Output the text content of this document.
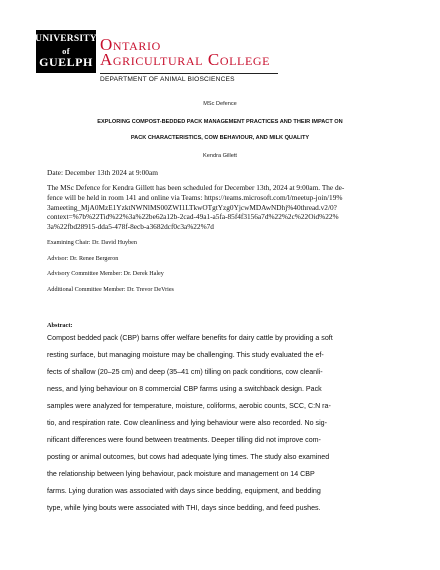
UNIVERSITY
of
GUELPH
Ontario
Agricultural College
DEPARTMENT OF ANIMAL BIOSCIENCES
MSc Defence
EXPLORING COMPOST-BEDDED PACK MANAGEMENT PRACTICES AND THEIR IMPACT ON
PACK CHARACTERISTICS, COW BEHAVIOUR, AND MILK QUALITY
Kendra Gillett
Date: December 13th 2024 at 9:00am
The MSc Defence for Kendra Gillett has been scheduled for December 13th, 2024 at 9:00am. The de-
fence will be held in room 141 and online via Teams: https://teams.microsoft.com/l/meetup-join/19%
3ameeting_MjA0MzE1YzktNWNlMS00ZWI1LTkwOTgtYzg0YjcwMDAwNDhj%40thread.v2/0?
context=%7b%22Tid%22%3a%22be62a12b-2cad-49a1-a5fa-85f4f3156a7d%22%2c%22Oid%22%
3a%22fbd28915-dda5-478f-8ecb-a3682dcf0c3a%22%7d
Examining Chair: Dr. David Huyben
Advisor: Dr. Renee Bergeron
Advisory Committee Member: Dr. Derek Haley
Additional Committee Member: Dr. Trevor DeVries
Abstract:
Compost bedded pack (CBP) barns offer welfare benefits for dairy cattle by providing a soft
resting surface, but managing moisture may be challenging. This study evaluated the ef-
fects of shallow (20–25 cm) and deep (35–41 cm) tilling on pack conditions, cow cleanli-
ness, and lying behaviour on 8 commercial CBP farms using a switchback design. Pack
samples were analyzed for temperature, moisture, coliforms, aerobic counts, SCC, C:N ra-
tio, and respiration rate. Cow cleanliness and lying behaviour were also recorded. No sig-
nificant differences were found between treatments. Deeper tilling did not improve com-
posting or animal outcomes, but cows had adequate lying times. The study also examined
the relationship between lying behaviour, pack moisture and management on 14 CBP
farms. Lying duration was associated with days since bedding, equipment, and bedding
type, while lying bouts were associated with THI, days since bedding, and feed pushes.
